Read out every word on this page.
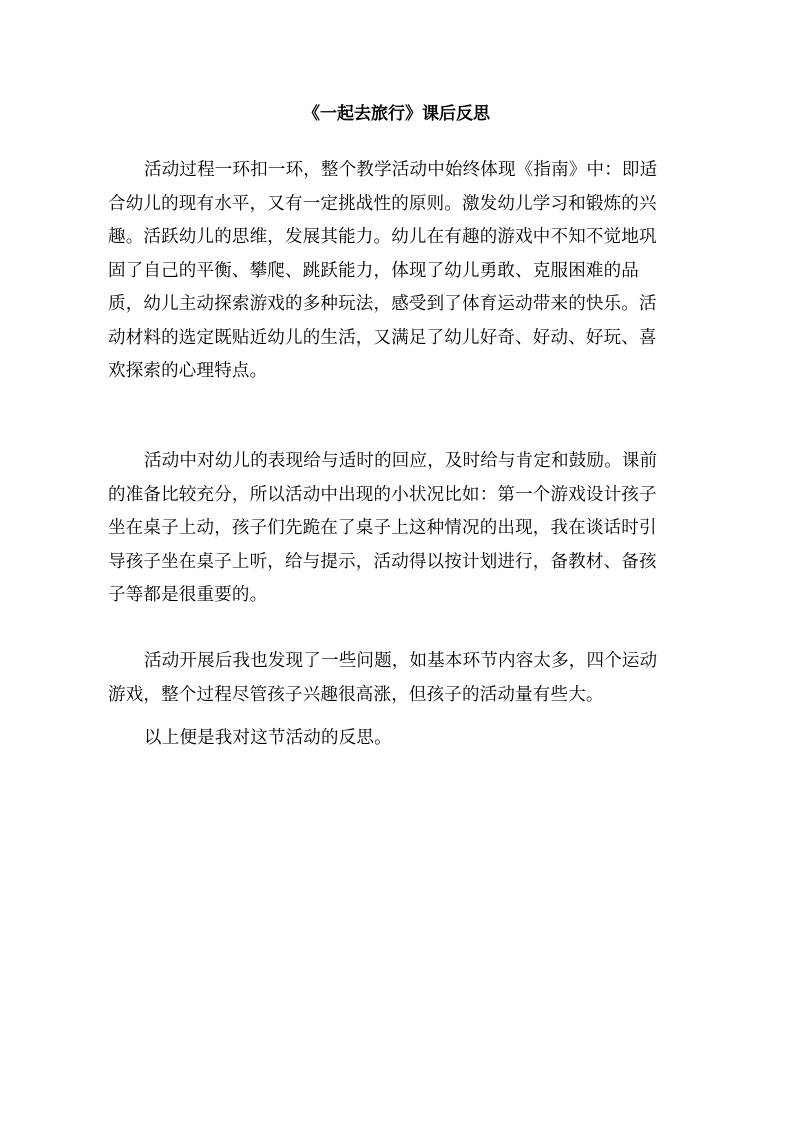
《一起去旅行》课后反思
活动过程一环扣一环，整个教学活动中始终体现《指南》中：即适
合幼儿的现有水平，又有一定挑战性的原则。激发幼儿学习和锻炼的兴
趣。活跃幼儿的思维，发展其能力。幼儿在有趣的游戏中不知不觉地巩
固了自己的平衡、攀爬、跳跃能力，体现了幼儿勇敢、克服困难的品
质，幼儿主动探索游戏的多种玩法，感受到了体育运动带来的快乐。活
动材料的选定既贴近幼儿的生活，又满足了幼儿好奇、好动、好玩、喜
欢探索的心理特点。
活动中对幼儿的表现给与适时的回应，及时给与肯定和鼓励。课前
的准备比较充分，所以活动中出现的小状况比如：第一个游戏设计孩子
坐在桌子上动，孩子们先跪在了桌子上这种情况的出现，我在谈话时引
导孩子坐在桌子上听，给与提示，活动得以按计划进行，备教材、备孩
子等都是很重要的。
活动开展后我也发现了一些问题，如基本环节内容太多，四个运动
游戏，整个过程尽管孩子兴趣很高涨，但孩子的活动量有些大。
以上便是我对这节活动的反思。
